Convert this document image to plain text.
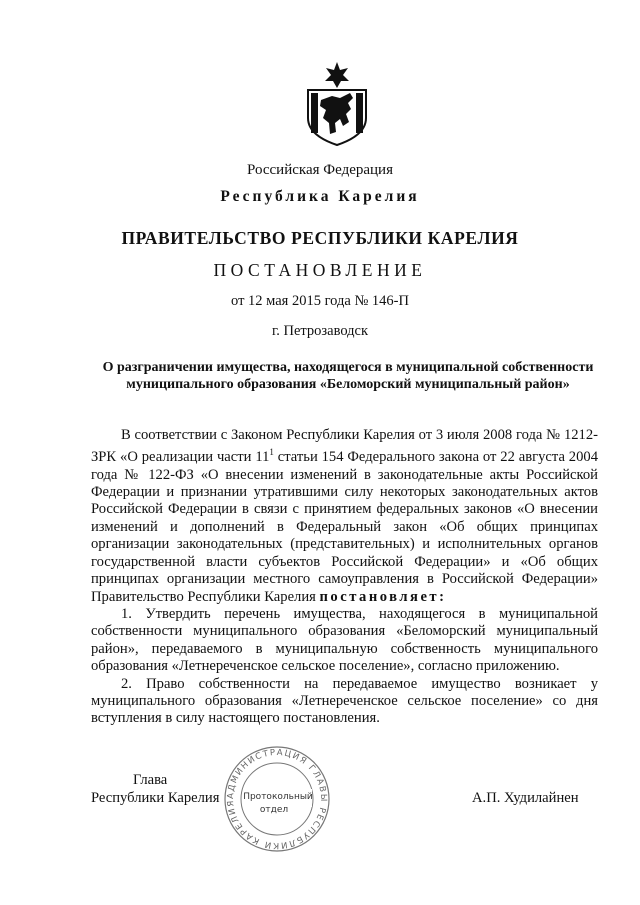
Российская Федерация

Республика Карелия

ПРАВИТЕЛЬСТВО РЕСПУБЛИКИ КАРЕЛИЯ

ПОСТАНОВЛЕНИЕ

от 12 мая 2015 года № 146-П

г. Петрозаводск

О разграничении имущества, находящегося в муниципальной собственности муниципального образования «Беломорский муниципальный район»

В соответствии с Законом Республики Карелия от 3 июля 2008 года № 1212-ЗРК «О реализации части $11^1$ статьи 154 Федерального закона от 22 августа 2004 года № 122-ФЗ «О внесении изменений в законодательные акты Российской Федерации и признании утратившими силу некоторых законодательных актов Российской Федерации в связи с принятием федеральных законов «О внесении изменений и дополнений в Федеральный закон «Об общих принципах организации законодательных (представительных) и исполнительных органов государственной власти субъектов Российской Федерации» и «Об общих принципах организации местного самоуправления в Российской Федерации» Правительство Республики Карелия постановляет:

1. Утвердить перечень имущества, находящегося в муниципальной собственности муниципального образования «Беломорский муниципальный район», передаваемого в муниципальную собственность муниципального образования «Летнереченское сельское поселение», согласно приложению.

2. Право собственности на передаваемое имущество возникает у муниципального образования «Летнереченское сельское поселение» со дня вступления в силу настоящего постановления.

Глава
Республики Карелия	А.П. Худилайнен
АДМИНИСТРАЦИЯ ГЛАВЫ РЕСПУБЛИКИ КАРЕЛИЯ
Протокольный
отдел
